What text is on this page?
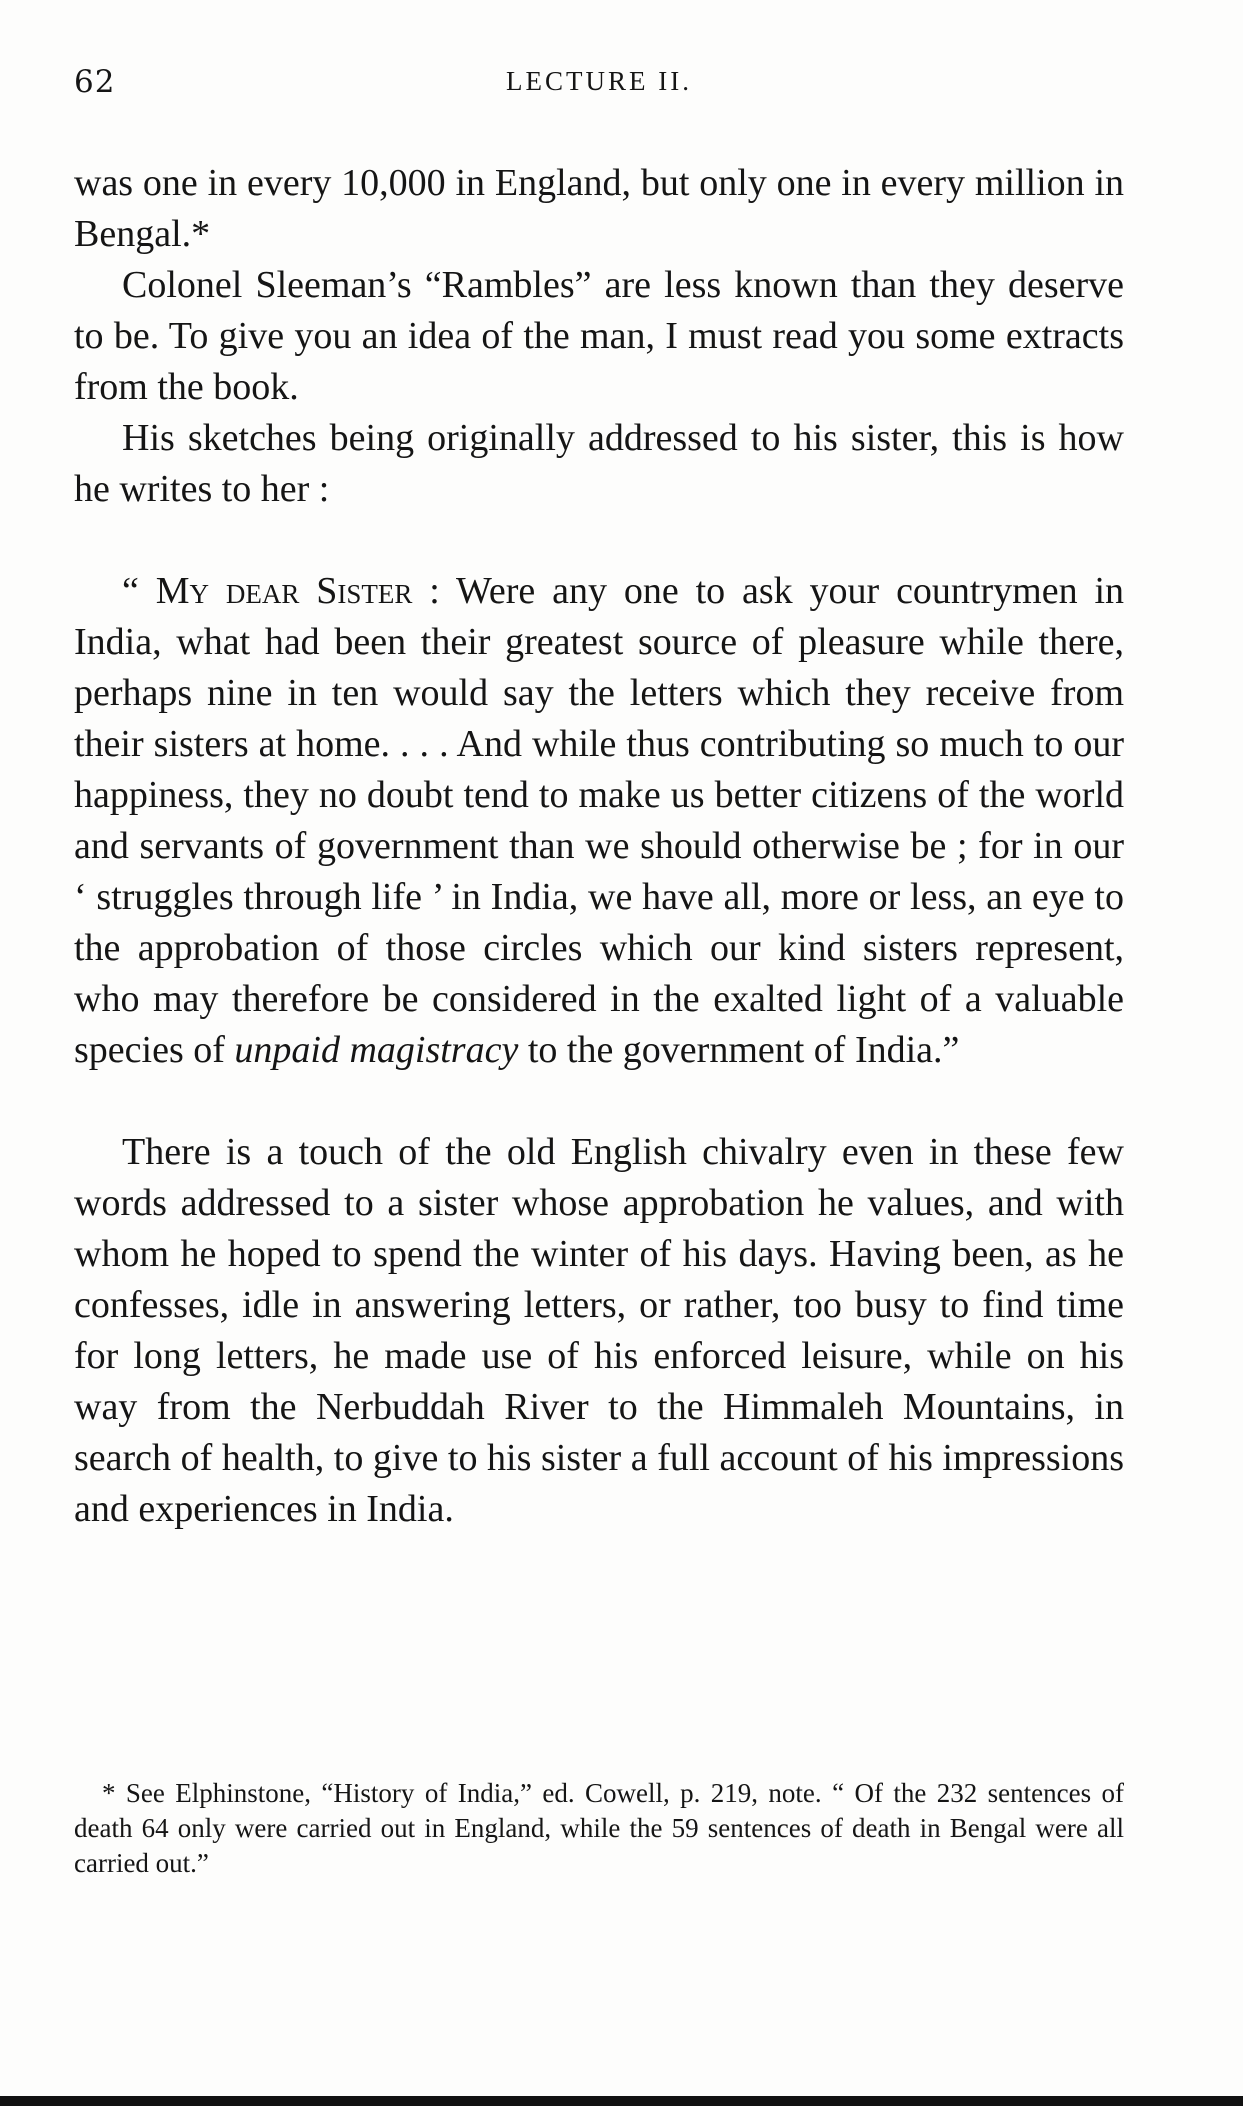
62	LECTURE II.

was one in every 10,000 in England, but only one in every million in Bengal.*

Colonel Sleeman’s “Rambles” are less known than they deserve to be. To give you an idea of the man, I must read you some extracts from the book.

His sketches being originally addressed to his sister, this is how he writes to her :

“ My dear Sister : Were any one to ask your countrymen in India, what had been their greatest source of pleasure while there, perhaps nine in ten would say the letters which they receive from their sisters at home. . . . And while thus contributing so much to our happiness, they no doubt tend to make us better citizens of the world and servants of government than we should otherwise be ; for in our ‘ struggles through life ’ in India, we have all, more or less, an eye to the approbation of those circles which our kind sisters represent, who may therefore be considered in the exalted light of a valuable species of unpaid magistracy to the government of India.”

There is a touch of the old English chivalry even in these few words addressed to a sister whose approbation he values, and with whom he hoped to spend the winter of his days. Having been, as he confesses, idle in answering letters, or rather, too busy to find time for long letters, he made use of his enforced leisure, while on his way from the Nerbuddah River to the Himmaleh Mountains, in search of health, to give to his sister a full account of his impressions and experiences in India.

* See Elphinstone, “History of India,” ed. Cowell, p. 219, note. “ Of the 232 sentences of death 64 only were carried out in England, while the 59 sentences of death in Bengal were all carried out.”
